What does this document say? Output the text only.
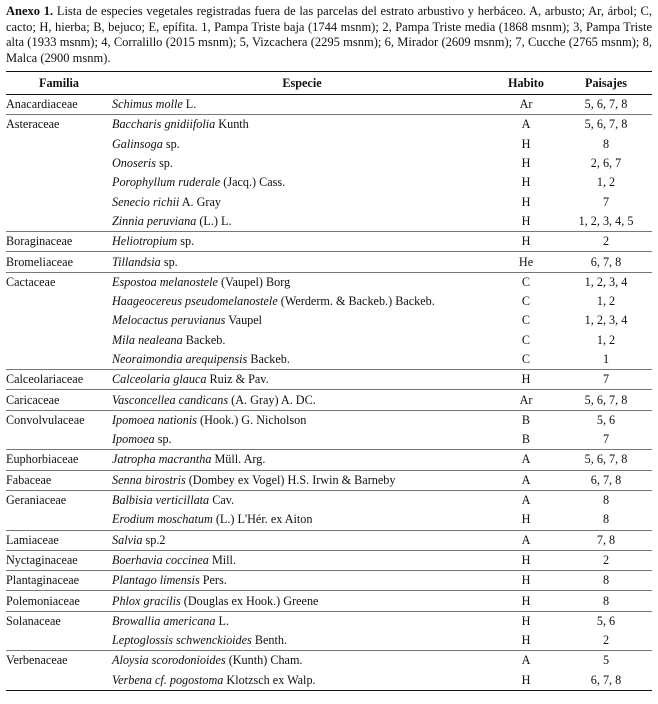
Anexo 1. Lista de especies vegetales registradas fuera de las parcelas del estrato arbustivo y herbáceo. A, arbusto; Ar, árbol; C, cacto; H, hierba; B, bejuco; E, epífita. 1, Pampa Triste baja (1744 msnm); 2, Pampa Triste media (1868 msnm); 3, Pampa Triste alta (1933 msnm); 4, Corralillo (2015 msnm); 5, Vizcachera (2295 msnm); 6, Mirador (2609 msnm); 7, Cucche (2765 msnm); 8, Malca (2900 msnm).

Familia	Especie	Habito	Paisajes
Anacardiaceae	Schimus molle L.	Ar	5, 6, 7, 8
Asteraceae	Baccharis gnidiifolia Kunth	A	5, 6, 7, 8
	Galinsoga sp.	H	8
	Onoseris sp.	H	2, 6, 7
	Porophyllum ruderale (Jacq.) Cass.	H	1, 2
	Senecio richii A. Gray	H	7
	Zinnia peruviana (L.) L.	H	1, 2, 3, 4, 5
Boraginaceae	Heliotropium sp.	H	2
Bromeliaceae	Tillandsia sp.	He	6, 7, 8
Cactaceae	Espostoa melanostele (Vaupel) Borg	C	1, 2, 3, 4
	Haageocereus pseudomelanostele (Werderm. & Backeb.) Backeb.	C	1, 2
	Melocactus peruvianus Vaupel	C	1, 2, 3, 4
	Mila nealeana Backeb.	C	1, 2
	Neoraimondia arequipensis Backeb.	C	1
Calceolariaceae	Calceolaria glauca Ruiz & Pav.	H	7
Caricaceae	Vasconcellea candicans (A. Gray) A. DC.	Ar	5, 6, 7, 8
Convolvulaceae	Ipomoea nationis (Hook.) G. Nicholson	B	5, 6
	Ipomoea sp.	B	7
Euphorbiaceae	Jatropha macrantha Müll. Arg.	A	5, 6, 7, 8
Fabaceae	Senna birostris (Dombey ex Vogel) H.S. Irwin & Barneby	A	6, 7, 8
Geraniaceae	Balbisia verticillata Cav.	A	8
	Erodium moschatum (L.) L'Hér. ex Aiton	H	8
Lamiaceae	Salvia sp.2	A	7, 8
Nyctaginaceae	Boerhavia coccinea Mill.	H	2
Plantaginaceae	Plantago limensis Pers.	H	8
Polemoniaceae	Phlox gracilis (Douglas ex Hook.) Greene	H	8
Solanaceae	Browallia americana L.	H	5, 6
	Leptoglossis schwenckioides Benth.	H	2
Verbenaceae	Aloysia scorodonioides (Kunth) Cham.	A	5
	Verbena cf. pogostoma Klotzsch ex Walp.	H	6, 7, 8
